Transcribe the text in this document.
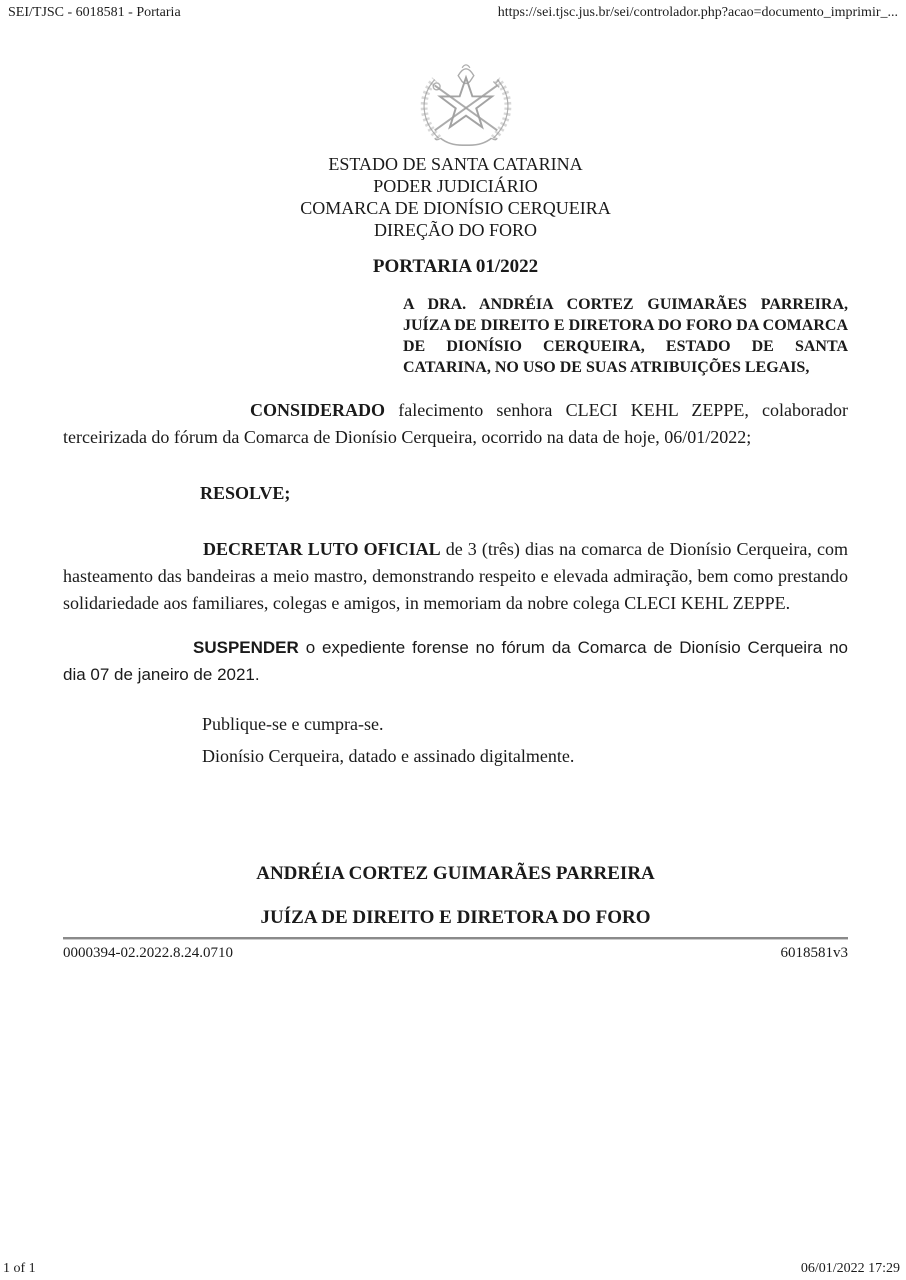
SEI/TJSC - 6018581 - Portaria	https://sei.tjsc.jus.br/sei/controlador.php?acao=documento_imprimir_...
ESTADO DE SANTA CATARINA
PODER JUDICIÁRIO
COMARCA DE DIONÍSIO CERQUEIRA
DIREÇÃO DO FORO
PORTARIA 01/2022

A DRA. ANDRÉIA CORTEZ GUIMARÃES PARREIRA, JUÍZA DE DIREITO E DIRETORA DO FORO DA COMARCA DE DIONÍSIO CERQUEIRA, ESTADO DE SANTA CATARINA, NO USO DE SUAS ATRIBUIÇÕES LEGAIS,

CONSIDERADO falecimento senhora CLECI KEHL ZEPPE, colaborador terceirizada do fórum da Comarca de Dionísio Cerqueira, ocorrido na data de hoje, 06/01/2022;

RESOLVE;

DECRETAR LUTO OFICIAL de 3 (três) dias na comarca de Dionísio Cerqueira, com hasteamento das bandeiras a meio mastro, demonstrando respeito e elevada admiração, bem como prestando solidariedade aos familiares, colegas e amigos, in memoriam da nobre colega CLECI KEHL ZEPPE.

SUSPENDER o expediente forense no fórum da Comarca de Dionísio Cerqueira no dia 07 de janeiro de 2021.

Publique-se e cumpra-se.

Dionísio Cerqueira, datado e assinado digitalmente.

ANDRÉIA CORTEZ GUIMARÃES PARREIRA
JUÍZA DE DIREITO E DIRETORA DO FORO
0000394-02.2022.8.24.0710	6018581v3
1 of 1	06/01/2022 17:29
